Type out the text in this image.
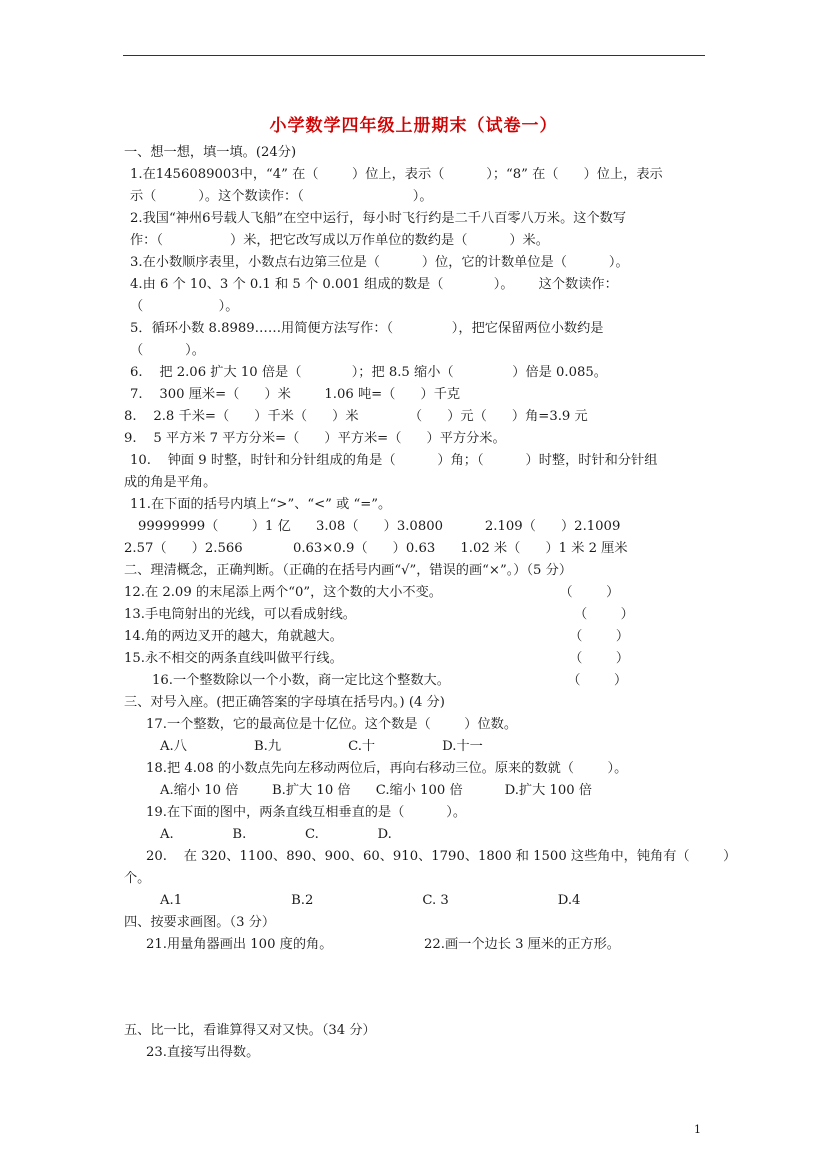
小学数学四年级上册期末（试卷一）
一、想一想，填一填。(24分)
1.在1456089003中，“4” 在（        ）位上，表示（          ）；“8” 在（      ）位上，表示
示（          ）。这个数读作：（                          ）。
2.我国“神州6号载人飞船”在空中运行，每小时飞行约是二千八百零八万米。这个数写
作：（                ）米，把它改写成以万作单位的数约是（          ）米。
3.在小数顺序表里，小数点右边第三位是（          ）位，它的计数单位是（          ）。
4.由 6 个 10、3 个 0.1 和 5 个 0.001 组成的数是（            ）。      这个数读作：
（                  ）。
5．循环小数 8.8989……用简便方法写作：（              ），把它保留两位小数约是
（          ）。
6.    把 2.06 扩大 10 倍是（            ）；把 8.5 缩小（              ）倍是 0.085。
7.    300 厘米=（      ）米        1.06 吨=（      ）千克
8.    2.8 千米=（      ）千米（      ）米            （      ）元（      ）角=3.9 元
9.    5 平方米 7 平方分米=（      ）平方米=（      ）平方分米。
10.    钟面 9 时整，时针和分针组成的角是（          ）角；（          ）时整，时针和分针组
成的角是平角。
11.在下面的括号内填上“>”、“<” 或 “=”。
99999999（        ）1 亿      3.08（      ）3.0800          2.109（      ）2.1009
2.57（      ）2.566            0.63×0.9（      ）0.63      1.02 米（      ）1 米 2 厘米
二、理清概念，正确判断。（正确的在括号内画“√”，错误的画“×”。）（5 分）
12.在 2.09 的末尾添上两个“0”，这个数的大小不变。                            （        ）
13.手电筒射出的光线，可以看成射线。                                                    （        ）
14.角的两边叉开的越大，角就越大。                                                      （        ）
15.永不相交的两条直线叫做平行线。                                                      （        ）
16.一个整数除以一个小数，商一定比这个整数大。                            （        ）
三、对号入座。(把正确答案的字母填在括号内。) (4 分)
17.一个整数，它的最高位是十亿位。这个数是（        ）位数。
A.八                B.九                C.十                D.十一
18.把 4.08 的小数点先向左移动两位后，再向右移动三位。原来的数就（        ）。
A.缩小 10 倍        B.扩大 10 倍      C.缩小 100 倍          D.扩大 100 倍
19.在下面的图中，两条直线互相垂直的是（          ）。
A.              B.              C.              D.
20.    在 320、1100、890、900、60、910、1790、1800 和 1500 这些角中，钝角有（        ）
个。
A.1                          B.2                          C. 3                          D.4
四、按要求画图。（3 分）
21.用量角器画出 100 度的角。	22.画一个边长 3 厘米的正方形。
五、比一比，看谁算得又对又快。（34 分）
23.直接写出得数。
1
